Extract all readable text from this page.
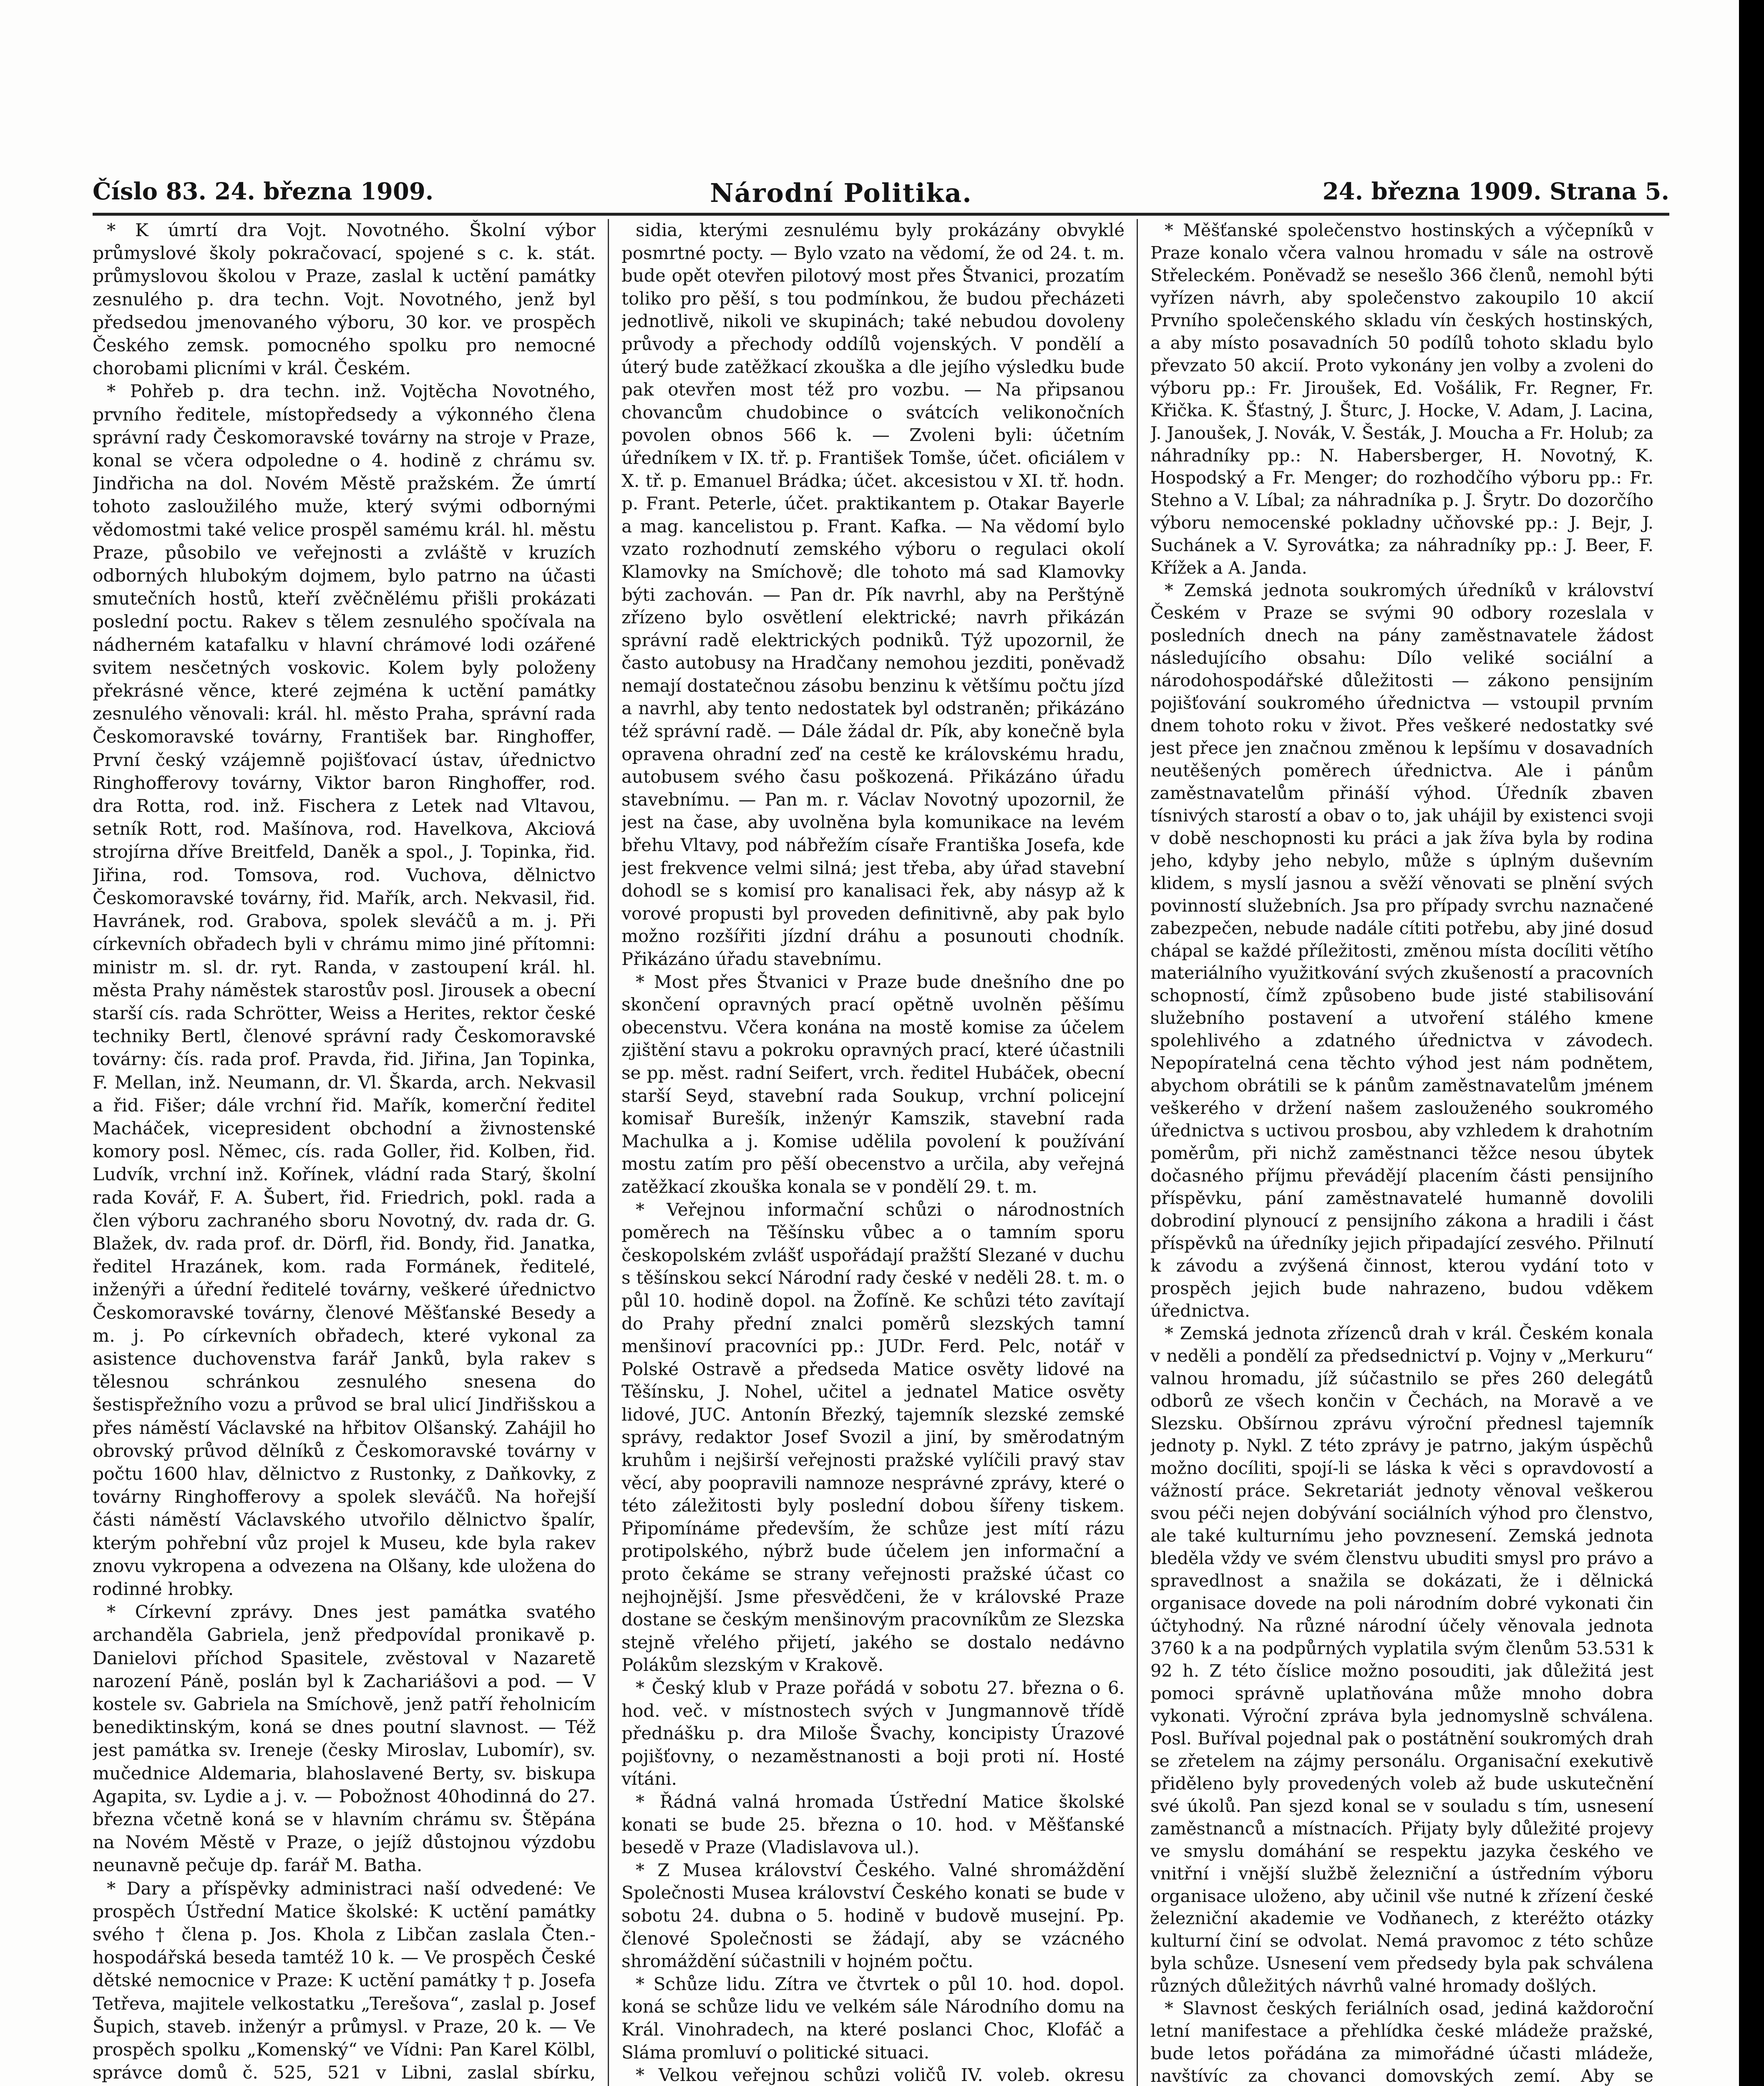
Číslo 83. 24. března 1909.	Národní Politika.	24. března 1909. Strana 5.

* K úmrtí dra Vojt. Novotného. Školní výbor průmyslové školy pokračovací, spojené s c. k. stát. průmyslovou školou v Praze, zaslal k uctění památky zesnulého p. dra techn. Vojt. Novotného, jenž byl předsedou jmenovaného výboru, 30 kor. ve prospěch Českého zemsk. pomocného spolku pro nemocné chorobami plicními v král. Českém.

* Pohřeb p. dra techn. inž. Vojtěcha Novotného, prvního ředitele, místopředsedy a výkonného člena správní rady Českomoravské továrny na stroje v Praze, konal se včera odpoledne o 4. hodině z chrámu sv. Jindřicha na dol. Novém Městě pražském. Že úmrtí tohoto zasloužilého muže, který svými odbornými vědomostmi také velice prospěl samému král. hl. městu Praze, působilo ve veřejnosti a zvláště v kruzích odborných hlubokým dojmem, bylo patrno na účasti smutečních hostů, kteří zvěčnělému přišli prokázati poslední poctu. Rakev s tělem zesnulého spočívala na nádherném katafalku v hlavní chrámové lodi ozářené svitem nesčetných voskovic. Kolem byly položeny překrásné věnce, které zejména k uctění památky zesnulého věnovali: král. hl. město Praha, správní rada Českomoravské továrny, František bar. Ringhoffer, První český vzájemně pojišťovací ústav, úřednictvo Ringhofferovy továrny, Viktor baron Ringhoffer, rod. dra Rotta, rod. inž. Fischera z Letek nad Vltavou, setník Rott, rod. Mašínova, rod. Havelkova, Akciová strojírna dříve Breitfeld, Daněk a spol., J. Topinka, řid. Jiřina, rod. Tomsova, rod. Vuchova, dělnictvo Českomoravské továrny, řid. Mařík, arch. Nekvasil, řid. Havránek, rod. Grabova, spolek sleváčů a m. j. Při církevních obřadech byli v chrámu mimo jiné přítomni: ministr m. sl. dr. ryt. Randa, v zastoupení král. hl. města Prahy náměstek starostův posl. Jirousek a obecní starší cís. rada Schrötter, Weiss a Herites, rektor české techniky Bertl, členové správní rady Českomoravské továrny: čís. rada prof. Pravda, řid. Jiřina, Jan Topinka, F. Mellan, inž. Neumann, dr. Vl. Škarda, arch. Nekvasil a řid. Fišer; dále vrchní řid. Mařík, komerční ředitel Macháček, vicepresident obchodní a živnostenské komory posl. Němec, cís. rada Goller, řid. Kolben, řid. Ludvík, vrchní inž. Kořínek, vládní rada Starý, školní rada Kovář, F. A. Šubert, řid. Friedrich, pokl. rada a člen výboru zachraného sboru Novotný, dv. rada dr. G. Blažek, dv. rada prof. dr. Dörfl, řid. Bondy, řid. Janatka, ředitel Hrazánek, kom. rada Formánek, ředitelé, inženýři a úřední ředitelé továrny, veškeré úřednictvo Českomoravské továrny, členové Měšťanské Besedy a m. j. Po církevních obřadech, které vykonal za asistence duchovenstva farář Janků, byla rakev s tělesnou schránkou zesnulého snesena do šestispřežního vozu a průvod se bral ulicí Jindřišskou a přes náměstí Václavské na hřbitov Olšanský. Zahájil ho obrovský průvod dělníků z Českomoravské továrny v počtu 1600 hlav, dělnictvo z Rustonky, z Daňkovky, z továrny Ringhofferovy a spolek sleváčů. Na hořejší části náměstí Václavského utvořilo dělnictvo špalír, kterým pohřební vůz projel k Museu, kde byla rakev znovu vykropena a odvezena na Olšany, kde uložena do rodinné hrobky.

* Církevní zprávy. Dnes jest památka svatého archanděla Gabriela, jenž předpovídal pronikavě p. Danielovi příchod Spasitele, zvěstoval v Nazaretě narození Páně, poslán byl k Zachariášovi a pod. — V kostele sv. Gabriela na Smíchově, jenž patří řeholnicím benediktinským, koná se dnes poutní slavnost. — Též jest památka sv. Ireneje (česky Miroslav, Lubomír), sv. mučednice Aldemaria, blahoslavené Berty, sv. biskupa Agapita, sv. Lydie a j. v. — Pobožnost 40hodinná do 27. března včetně koná se v hlavním chrámu sv. Štěpána na Novém Městě v Praze, o jejíž důstojnou výzdobu neunavně pečuje dp. farář M. Batha.

* Dary a příspěvky administraci naší odvedené: Ve prospěch Ústřední Matice školské: K uctění památky svého † člena p. Jos. Khola z Libčan zaslala Čten.-hospodářská beseda tamtéž 10 k. — Ve prospěch České dětské nemocnice v Praze: K uctění památky † p. Josefa Tetřeva, majitele velkostatku „Terešova“, zaslal p. Josef Šupich, staveb. inženýr a průmysl. v Praze, 20 k. — Ve prospěch spolku „Komenský“ ve Vídni: Pan Karel Kölbl, správce domů č. 525, 521 v Libni, zaslal sbírku,

sidia, kterými zesnulému byly prokázány obvyklé posmrtné pocty. — Bylo vzato na vědomí, že od 24. t. m. bude opět otevřen pilotový most přes Štvanici, prozatím toliko pro pěší, s tou podmínkou, že budou přecházeti jednotlivě, nikoli ve skupinách; také nebudou dovoleny průvody a přechody oddílů vojenských. V pondělí a úterý bude zatěžkací zkouška a dle jejího výsledku bude pak otevřen most též pro vozbu. — Na připsanou chovancům chudobince o svátcích velikonočních povolen obnos 566 k. — Zvoleni byli: účetním úředníkem v IX. tř. p. František Tomše, účet. oficiálem v X. tř. p. Emanuel Brádka; účet. akcesistou v XI. tř. hodn. p. Frant. Peterle, účet. praktikantem p. Otakar Bayerle a mag. kancelistou p. Frant. Kafka. — Na vědomí bylo vzato rozhodnutí zemského výboru o regulaci okolí Klamovky na Smíchově; dle tohoto má sad Klamovky býti zachován. — Pan dr. Pík navrhl, aby na Perštýně zřízeno bylo osvětlení elektrické; navrh přikázán správní radě elektrických podniků. Týž upozornil, že často autobusy na Hradčany nemohou jezditi, poněvadž nemají dostatečnou zásobu benzinu k většímu počtu jízd a navrhl, aby tento nedostatek byl odstraněn; přikázáno též správní radě. — Dále žádal dr. Pík, aby konečně byla opravena ohradní zeď na cestě ke královskému hradu, autobusem svého času poškozená. Přikázáno úřadu stavebnímu. — Pan m. r. Václav Novotný upozornil, že jest na čase, aby uvolněna byla komunikace na levém břehu Vltavy, pod nábřežím císaře Františka Josefa, kde jest frekvence velmi silná; jest třeba, aby úřad stavební dohodl se s komisí pro kanalisaci řek, aby násyp až k vorové propusti byl proveden definitivně, aby pak bylo možno rozšířiti jízdní dráhu a posunouti chodník. Přikázáno úřadu stavebnímu.

* Most přes Štvanici v Praze bude dnešního dne po skončení opravných prací opětně uvolněn pěšímu obecenstvu. Včera konána na mostě komise za účelem zjištění stavu a pokroku opravných prací, které účastnili se pp. měst. radní Seifert, vrch. ředitel Hubáček, obecní starší Seyd, stavební rada Soukup, vrchní policejní komisař Burešík, inženýr Kamszik, stavební rada Machulka a j. Komise udělila povolení k používání mostu zatím pro pěší obecenstvo a určila, aby veřejná zatěžkací zkouška konala se v pondělí 29. t. m.

* Veřejnou informační schůzi o národnostních poměrech na Těšínsku vůbec a o tamním sporu českopolském zvlášť uspořádají pražští Slezané v duchu s těšínskou sekcí Národní rady české v neděli 28. t. m. o půl 10. hodině dopol. na Žofíně. Ke schůzi této zavítají do Prahy přední znalci poměrů slezských tamní menšinoví pracovníci pp.: JUDr. Ferd. Pelc, notář v Polské Ostravě a předseda Matice osvěty lidové na Těšínsku, J. Nohel, učitel a jednatel Matice osvěty lidové, JUC. Antonín Březký, tajemník slezské zemské správy, redaktor Josef Svozil a jiní, by směrodatným kruhům i nejširší veřejnosti pražské vylíčili pravý stav věcí, aby poopravili namnoze nesprávné zprávy, které o této záležitosti byly poslední dobou šířeny tiskem. Připomínáme především, že schůze jest mítí rázu protipolského, nýbrž bude účelem jen informační a proto čekáme se strany veřejnosti pražské účast co nejhojnější. Jsme přesvědčeni, že v královské Praze dostane se českým menšinovým pracovníkům ze Slezska stejně vřelého přijetí, jakého se dostalo nedávno Polákům slezským v Krakově.

* Český klub v Praze pořádá v sobotu 27. března o 6. hod. več. v místnostech svých v Jungmannově třídě přednášku p. dra Miloše Švachy, koncipisty Úrazové pojišťovny, o nezaměstnanosti a boji proti ní. Hosté vítáni.

* Řádná valná hromada Ústřední Matice školské konati se bude 25. března o 10. hod. v Měšťanské besedě v Praze (Vladislavova ul.).

* Z Musea království Českého. Valné shromáždění Společnosti Musea království Českého konati se bude v sobotu 24. dubna o 5. hodině v budově musejní. Pp. členové Společnosti se žádají, aby se vzácného shromáždění súčastnili v hojném počtu.

* Schůze lidu. Zítra ve čtvrtek o půl 10. hod. dopol. koná se schůze lidu ve velkém sále Národního domu na Král. Vinohradech, na které poslanci Choc, Klofáč a Sláma promluví o politické situaci.

* Velkou veřejnou schůzi voličů IV. voleb. okresu

* Měšťanské společenstvo hostinských a výčepníků v Praze konalo včera valnou hromadu v sále na ostrově Střeleckém. Poněvadž se nesešlo 366 členů, nemohl býti vyřízen návrh, aby společenstvo zakoupilo 10 akcií Prvního společenského skladu vín českých hostinských, a aby místo posavadních 50 podílů tohoto skladu bylo převzato 50 akcií. Proto vykonány jen volby a zvoleni do výboru pp.: Fr. Jiroušek, Ed. Vošálik, Fr. Regner, Fr. Křička. K. Šťastný, J. Šturc, J. Hocke, V. Adam, J. Lacina, J. Janoušek, J. Novák, V. Šesták, J. Moucha a Fr. Holub; za náhradníky pp.: N. Habersberger, H. Novotný, K. Hospodský a Fr. Menger; do rozhodčího výboru pp.: Fr. Stehno a V. Líbal; za náhradníka p. J. Šrytr. Do dozorčího výboru nemocenské pokladny učňovské pp.: J. Bejr, J. Suchánek a V. Syrovátka; za náhradníky pp.: J. Beer, F. Křížek a A. Janda.

* Zemská jednota soukromých úředníků v království Českém v Praze se svými 90 odbory rozeslala v posledních dnech na pány zaměstnavatele žádost následujícího obsahu: Dílo veliké sociální a národohospodářské důležitosti — zákono pensijním pojišťování soukromého úřednictva — vstoupil prvním dnem tohoto roku v život. Přes veškeré nedostatky své jest přece jen značnou změnou k lepšímu v dosavadních neutěšených poměrech úřednictva. Ale i pánům zaměstnavatelům přináší výhod. Úředník zbaven tísnivých starostí a obav o to, jak uhájil by existenci svoji v době neschopnosti ku práci a jak žíva byla by rodina jeho, kdyby jeho nebylo, může s úplným duševním klidem, s myslí jasnou a svěží věnovati se plnění svých povinností služebních. Jsa pro případy svrchu naznačené zabezpečen, nebude nadále cítiti potřebu, aby jiné dosud chápal se každé příležitosti, změnou místa docíliti větího materiálního využitkování svých zkušeností a pracovních schopností, čímž způsobeno bude jisté stabilisování služebního postavení a utvoření stálého kmene spolehlivého a zdatného úřednictva v závodech. Nepopíratelná cena těchto výhod jest nám podnětem, abychom obrátili se k pánům zaměstnavatelům jménem veškerého v držení našem zaslouženého soukromého úřednictva s uctivou prosbou, aby vzhledem k drahotním poměrům, při nichž zaměstnanci těžce nesou úbytek dočasného příjmu převádějí placením části pensijního příspěvku, pání zaměstnavatelé humanně dovolili dobrodiní plynoucí z pensijního zákona a hradili i část příspěvků na úředníky jejich připadající zesvého. Přilnutí k závodu a zvýšená činnost, kterou vydání toto v prospěch jejich bude nahrazeno, budou vděkem úřednictva.

* Zemská jednota zřízenců drah v král. Českém konala v neděli a pondělí za předsednictví p. Vojny v „Merkuru“ valnou hromadu, jíž súčastnilo se přes 260 delegátů odborů ze všech končin v Čechách, na Moravě a ve Slezsku. Obšírnou zprávu výroční přednesl tajemník jednoty p. Nykl. Z této zprávy je patrno, jakým úspěchů možno docíliti, spojí-li se láska k věci s opravdovostí a vážností práce. Sekretariát jednoty věnoval veškerou svou péči nejen dobývání sociálních výhod pro členstvo, ale také kulturnímu jeho povznesení. Zemská jednota bleděla vždy ve svém členstvu ubuditi smysl pro právo a spravedlnost a snažila se dokázati, že i dělnická organisace dovede na poli národním dobré vykonati čin účtyhodný. Na různé národní účely věnovala jednota 3760 k a na podpůrných vyplatila svým členům 53.531 k 92 h. Z této číslice možno posouditi, jak důležitá jest pomoci správně uplatňována může mnoho dobra vykonati. Výroční zpráva byla jednomyslně schválena. Posl. Buříval pojednal pak o postátnění soukromých drah se zřetelem na zájmy personálu. Organisační exekutivě přiděleno byly provedených voleb až bude uskutečnění své úkolů. Pan sjezd konal se v souladu s tím, usnesení zaměstnanců a místnacích. Přijaty byly důležité projevy ve smyslu domáhání se respektu jazyka českého ve vnitřní i vnější službě železniční a ústředním výboru organisace uloženo, aby učinil vše nutné k zřízení české železniční akademie ve Vodňanech, z kteréžto otázky kulturní činí se odvolat. Nemá pravomoc z této schůze byla schůze. Usnesení vem předsedy byla pak schválena různých důležitých návrhů valné hromady došlých.

* Slavnost českých feriálních osad, jediná každoroční letní manifestace a přehlídka české mládeže pražské, bude letos pořádána za mimořádné účasti mládeže, navštívíc za chovanci domovských zemí. Aby se
